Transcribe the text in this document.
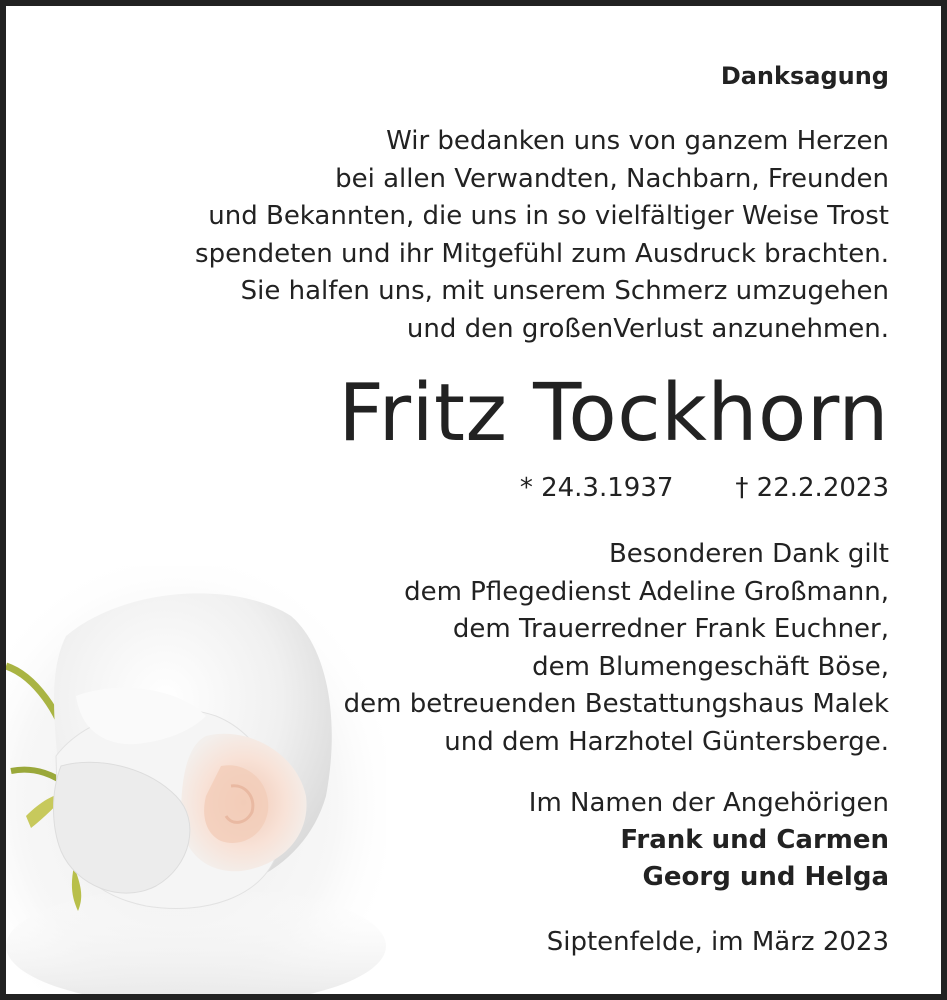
Danksagung
Wir bedanken uns von ganzem Herzen
bei allen Verwandten, Nachbarn, Freunden
und Bekannten, die uns in so vielfältiger Weise Trost
spendeten und ihr Mitgefühl zum Ausdruck brachten.
Sie halfen uns, mit unserem Schmerz umzugehen
und den großenVerlust anzunehmen.
Fritz Tockhorn
* 24.3.1937 † 22.2.2023
Besonderen Dank gilt
dem Pflegedienst Adeline Großmann,
dem Trauerredner Frank Euchner,
dem Blumengeschäft Böse,
dem betreuenden Bestattungshaus Malek
und dem Harzhotel Güntersberge.
Im Namen der Angehörigen
Frank und Carmen
Georg und Helga
Siptenfelde, im März 2023
